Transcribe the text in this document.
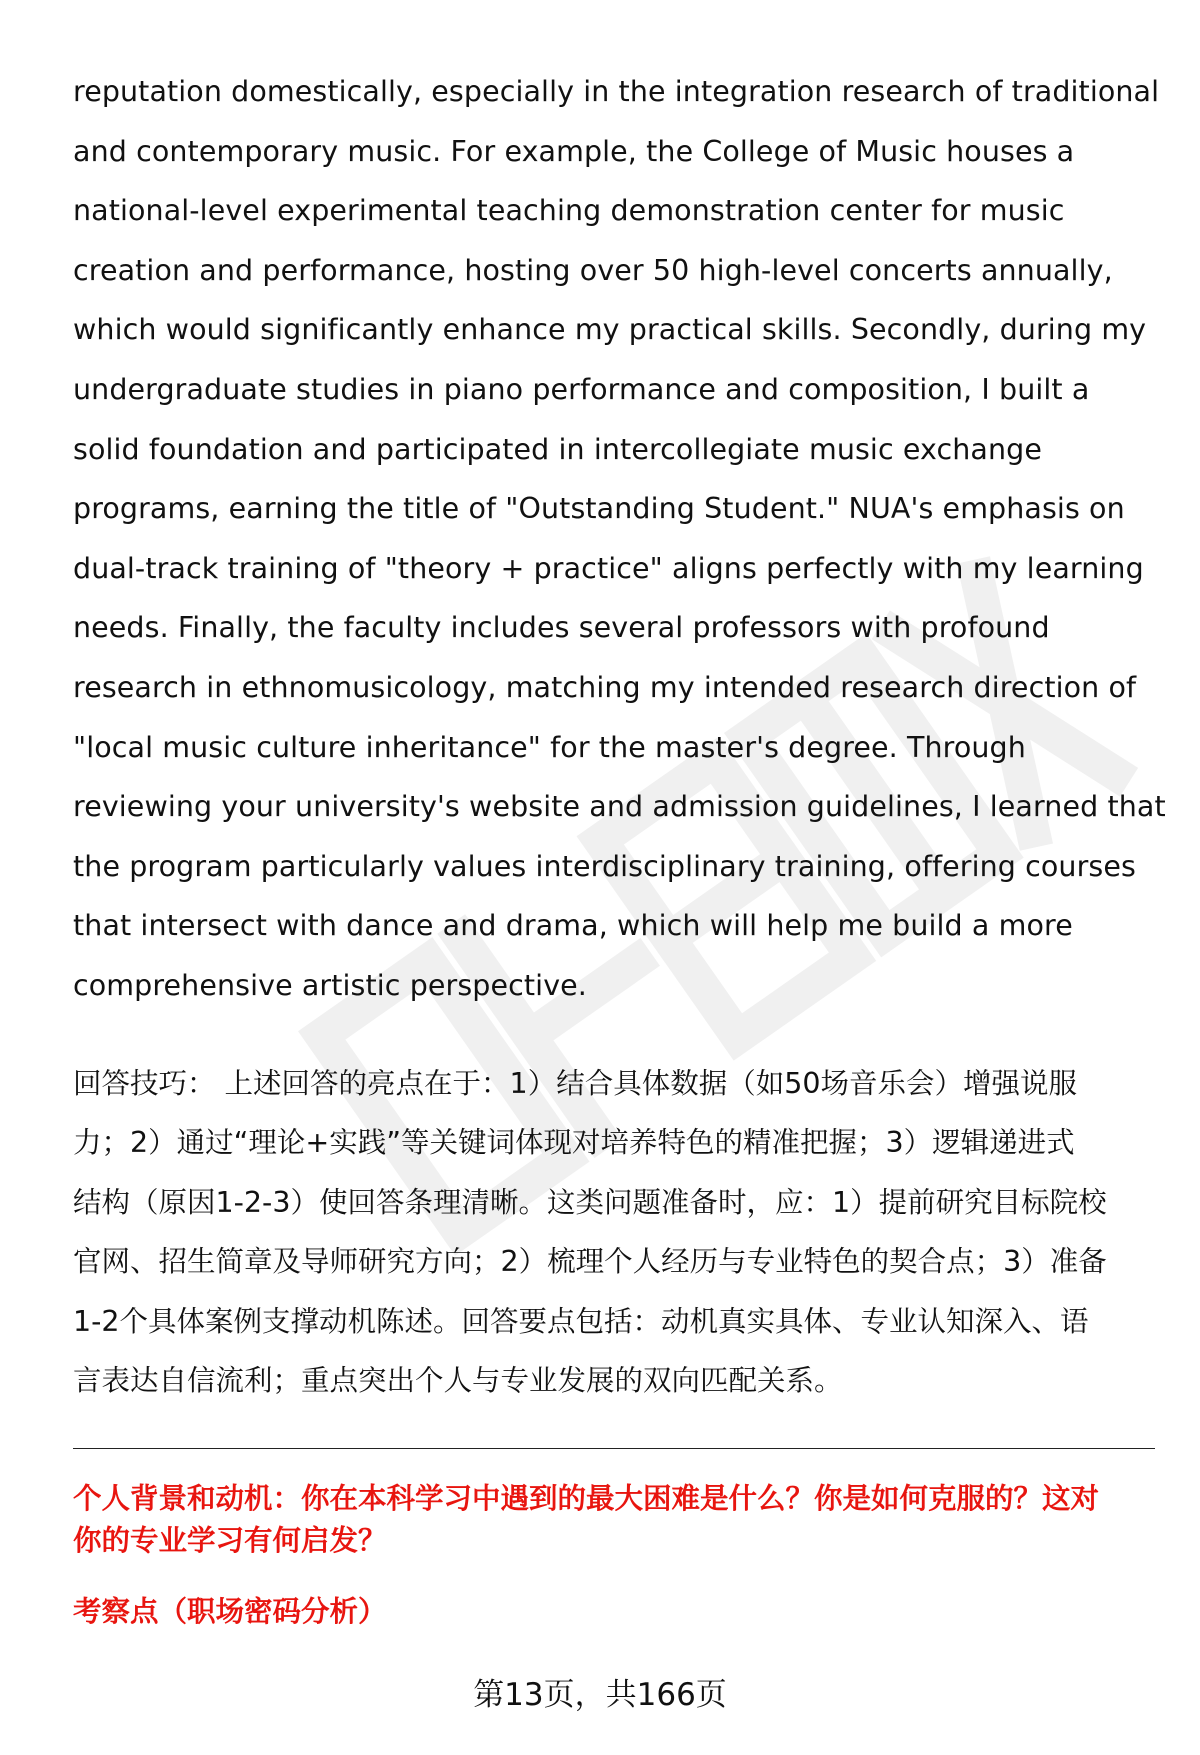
reputation domestically, especially in the integration research of traditional
and contemporary music. For example, the College of Music houses a
national-level experimental teaching demonstration center for music
creation and performance, hosting over 50 high-level concerts annually,
which would significantly enhance my practical skills. Secondly, during my
undergraduate studies in piano performance and composition, I built a
solid foundation and participated in intercollegiate music exchange
programs, earning the title of "Outstanding Student." NUA's emphasis on
dual-track training of "theory + practice" aligns perfectly with my learning
needs. Finally, the faculty includes several professors with profound
research in ethnomusicology, matching my intended research direction of
"local music culture inheritance" for the master's degree. Through
reviewing your university's website and admission guidelines, I learned that
the program particularly values interdisciplinary training, offering courses
that intersect with dance and drama, which will help me build a more
comprehensive artistic perspective.

回答技巧： 上述回答的亮点在于：1）结合具体数据（如50场音乐会）增强说服
力；2）通过“理论+实践”等关键词体现对培养特色的精准把握；3）逻辑递进式
结构（原因1-2-3）使回答条理清晰。这类问题准备时，应：1）提前研究目标院校
官网、招生简章及导师研究方向；2）梳理个人经历与专业特色的契合点；3）准备
1-2个具体案例支撑动机陈述。回答要点包括：动机真实具体、专业认知深入、语
言表达自信流利；重点突出个人与专业发展的双向匹配关系。

个人背景和动机：你在本科学习中遇到的最大困难是什么？你是如何克服的？这对
你的专业学习有何启发？
考察点（职场密码分析）
第13页，共166页
